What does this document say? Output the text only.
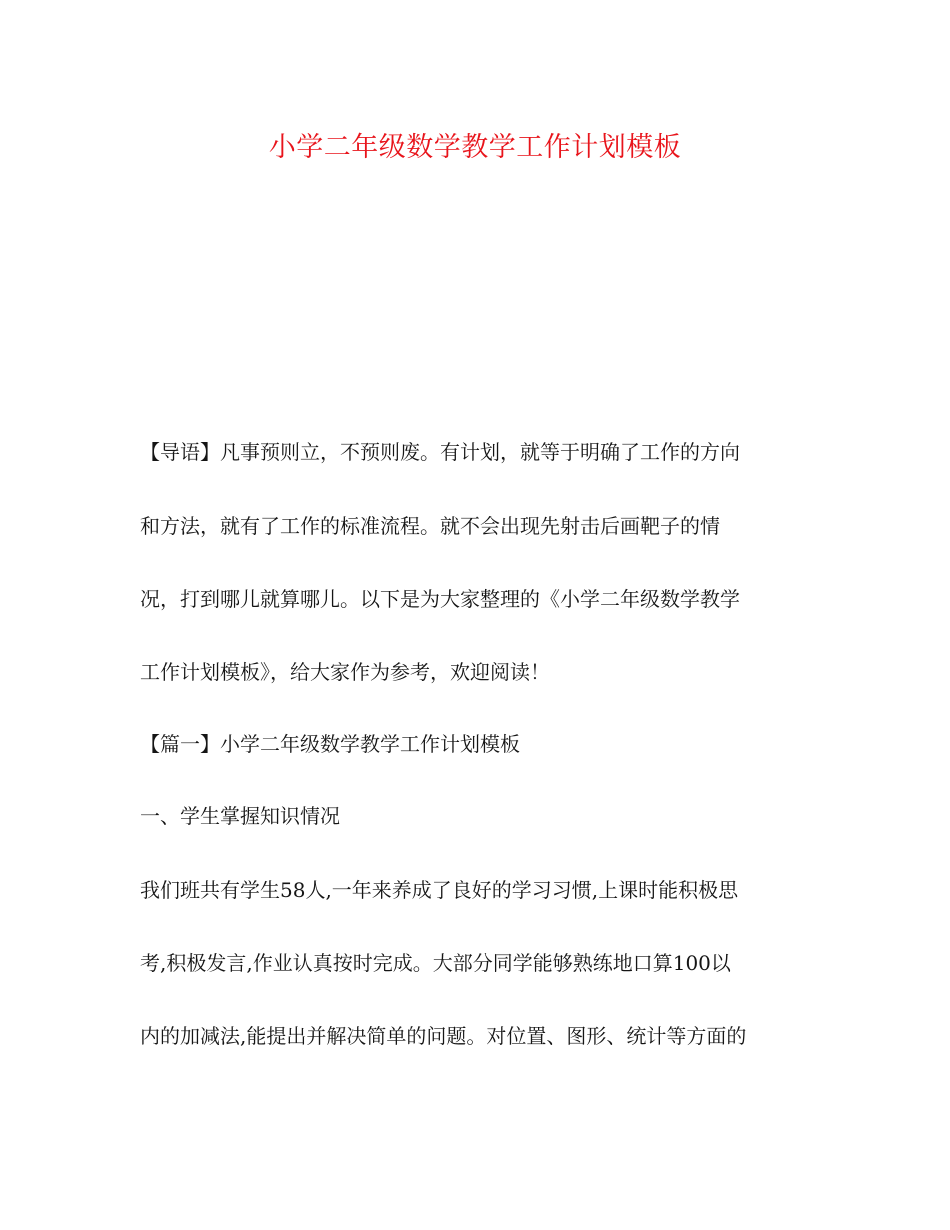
小学二年级数学教学工作计划模板
【导语】凡事预则立，不预则废。有计划，就等于明确了工作的方向
和方法，就有了工作的标准流程。就不会出现先射击后画靶子的情
况，打到哪儿就算哪儿。以下是为大家整理的《小学二年级数学教学
工作计划模板》，给大家作为参考，欢迎阅读！
【篇一】小学二年级数学教学工作计划模板
一、学生掌握知识情况
我们班共有学生58人,一年来养成了良好的学习习惯,上课时能积极思
考,积极发言,作业认真按时完成。大部分同学能够熟练地口算100以
内的加减法,能提出并解决简单的问题。对位置、图形、统计等方面的
